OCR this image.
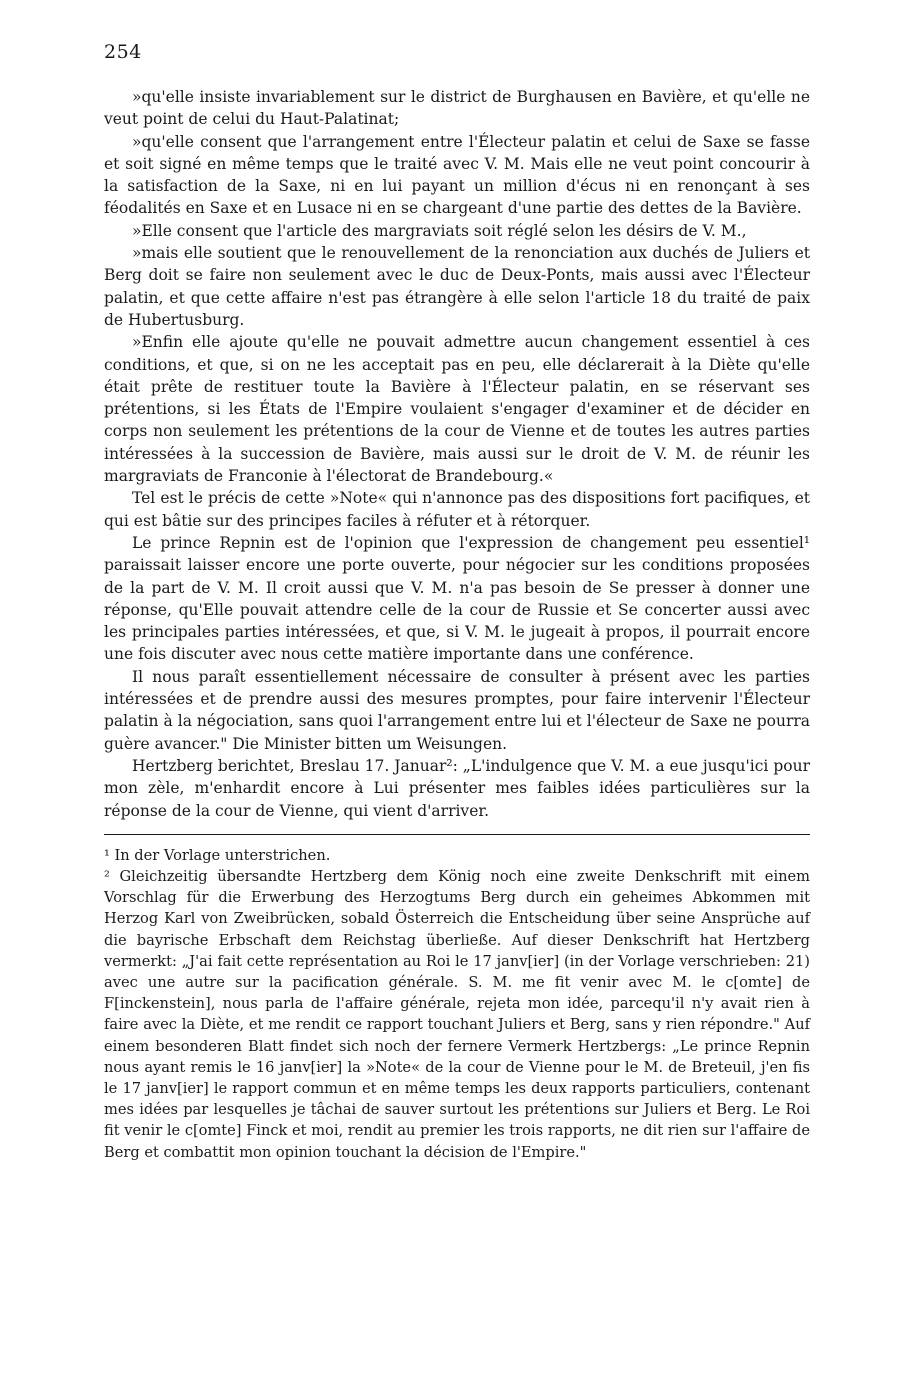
254

»qu'elle insiste invariablement sur le district de Burghausen en Bavière, et qu'elle ne veut point de celui du Haut-Palatinat;

»qu'elle consent que l'arrangement entre l'Électeur palatin et celui de Saxe se fasse et soit signé en même temps que le traité avec V. M. Mais elle ne veut point concourir à la satisfaction de la Saxe, ni en lui payant un million d'écus ni en renonçant à ses féodalités en Saxe et en Lusace ni en se chargeant d'une partie des dettes de la Bavière.

»Elle consent que l'article des margraviats soit réglé selon les désirs de V. M.,

»mais elle soutient que le renouvellement de la renonciation aux duchés de Juliers et Berg doit se faire non seulement avec le duc de Deux-Ponts, mais aussi avec l'Électeur palatin, et que cette affaire n'est pas étrangère à elle selon l'article 18 du traité de paix de Hubertusburg.

»Enfin elle ajoute qu'elle ne pouvait admettre aucun changement essentiel à ces conditions, et que, si on ne les acceptait pas en peu, elle déclarerait à la Diète qu'elle était prête de restituer toute la Bavière à l'Électeur palatin, en se réservant ses prétentions, si les États de l'Empire voulaient s'engager d'examiner et de décider en corps non seulement les prétentions de la cour de Vienne et de toutes les autres parties intéressées à la succession de Bavière, mais aussi sur le droit de V. M. de réunir les margraviats de Franconie à l'électorat de Brandebourg.«

Tel est le précis de cette »Note« qui n'annonce pas des dispositions fort pacifiques, et qui est bâtie sur des principes faciles à réfuter et à rétorquer.

Le prince Repnin est de l'opinion que l'expression de changement peu essentiel¹ paraissait laisser encore une porte ouverte, pour négocier sur les conditions proposées de la part de V. M. Il croit aussi que V. M. n'a pas besoin de Se presser à donner une réponse, qu'Elle pouvait attendre celle de la cour de Russie et Se concerter aussi avec les principales parties intéressées, et que, si V. M. le jugeait à propos, il pourrait encore une fois discuter avec nous cette matière importante dans une conférence.

Il nous paraît essentiellement nécessaire de consulter à présent avec les parties intéressées et de prendre aussi des mesures promptes, pour faire intervenir l'Électeur palatin à la négociation, sans quoi l'arrangement entre lui et l'électeur de Saxe ne pourra guère avancer." Die Minister bitten um Weisungen.

Hertzberg berichtet, Breslau 17. Januar²: „L'indulgence que V. M. a eue jusqu'ici pour mon zèle, m'enhardit encore à Lui présenter mes faibles idées particulières sur la réponse de la cour de Vienne, qui vient d'arriver.

¹ In der Vorlage unterstrichen.

² Gleichzeitig übersandte Hertzberg dem König noch eine zweite Denkschrift mit einem Vorschlag für die Erwerbung des Herzogtums Berg durch ein geheimes Abkommen mit Herzog Karl von Zweibrücken, sobald Österreich die Entscheidung über seine Ansprüche auf die bayrische Erbschaft dem Reichstag überließe. Auf dieser Denkschrift hat Hertzberg vermerkt: „J'ai fait cette représentation au Roi le 17 janv[ier] (in der Vorlage verschrieben: 21) avec une autre sur la pacification générale. S. M. me fit venir avec M. le c[omte] de F[inckenstein], nous parla de l'affaire générale, rejeta mon idée, parcequ'il n'y avait rien à faire avec la Diète, et me rendit ce rapport touchant Juliers et Berg, sans y rien répondre." Auf einem besonderen Blatt findet sich noch der fernere Vermerk Hertzbergs: „Le prince Repnin nous ayant remis le 16 janv[ier] la »Note« de la cour de Vienne pour le M. de Breteuil, j'en fis le 17 janv[ier] le rapport commun et en même temps les deux rapports particuliers, contenant mes idées par lesquelles je tâchai de sauver surtout les prétentions sur Juliers et Berg. Le Roi fit venir le c[omte] Finck et moi, rendit au premier les trois rapports, ne dit rien sur l'affaire de Berg et combattit mon opinion touchant la décision de l'Empire."
